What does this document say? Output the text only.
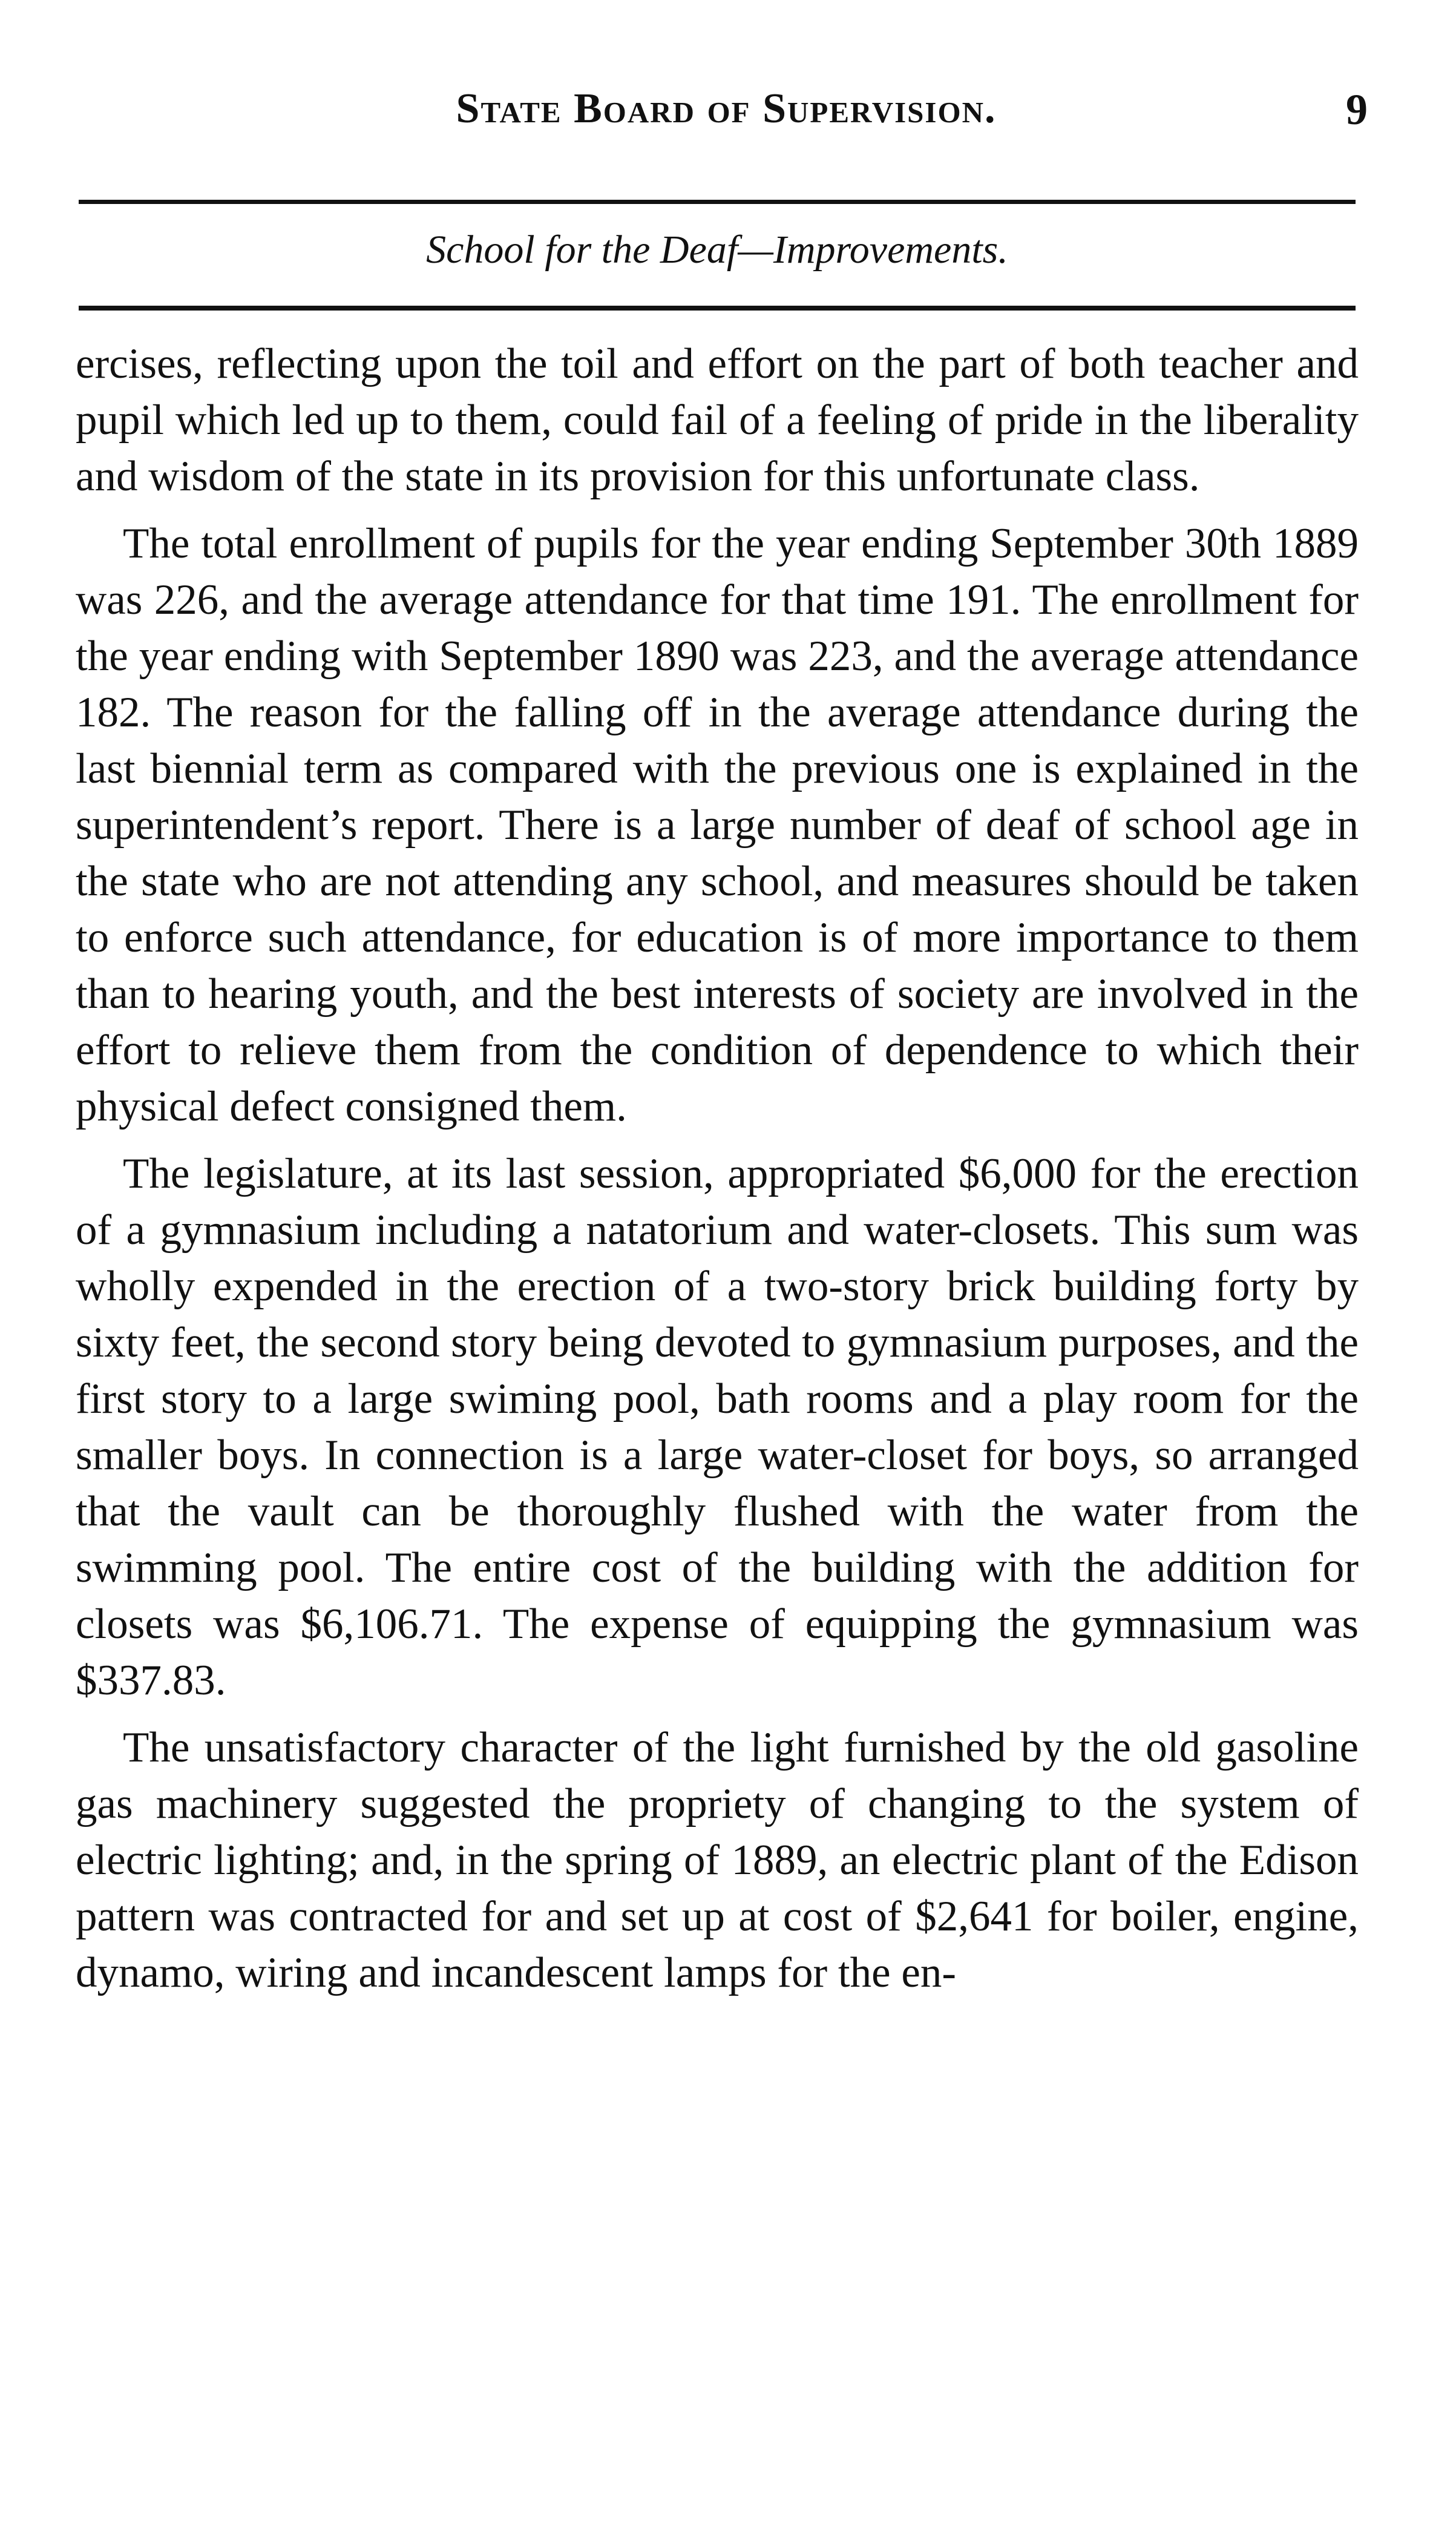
State Board of Supervision.	9
School for the Deaf—Improvements.

ercises, reflecting upon the toil and effort on the part of both teacher and pupil which led up to them, could fail of a feeling of pride in the liberality and wisdom of the state in its provision for this unfortunate class.

The total enrollment of pupils for the year ending September 30th 1889 was 226, and the average attendance for that time 191. The enrollment for the year ending with September 1890 was 223, and the average attendance 182. The reason for the falling off in the average attendance during the last biennial term as compared with the previous one is explained in the superintendent’s report. There is a large number of deaf of school age in the state who are not attending any school, and measures should be taken to enforce such attendance, for education is of more importance to them than to hearing youth, and the best interests of society are involved in the effort to relieve them from the condition of dependence to which their physical defect consigned them.

The legislature, at its last session, appropriated $6,000 for the erection of a gymnasium including a natatorium and water-closets. This sum was wholly expended in the erection of a two-story brick building forty by sixty feet, the second story being devoted to gymnasium purposes, and the first story to a large swiming pool, bath rooms and a play room for the smaller boys. In connection is a large water-closet for boys, so arranged that the vault can be thoroughly flushed with the water from the swimming pool. The entire cost of the building with the addition for closets was $6,106.71. The expense of equipping the gymnasium was $337.83.

The unsatisfactory character of the light furnished by the old gasoline gas machinery suggested the propriety of changing to the system of electric lighting; and, in the spring of 1889, an electric plant of the Edison pattern was contracted for and set up at cost of $2,641 for boiler, engine, dynamo, wiring and incandescent lamps for the en-
